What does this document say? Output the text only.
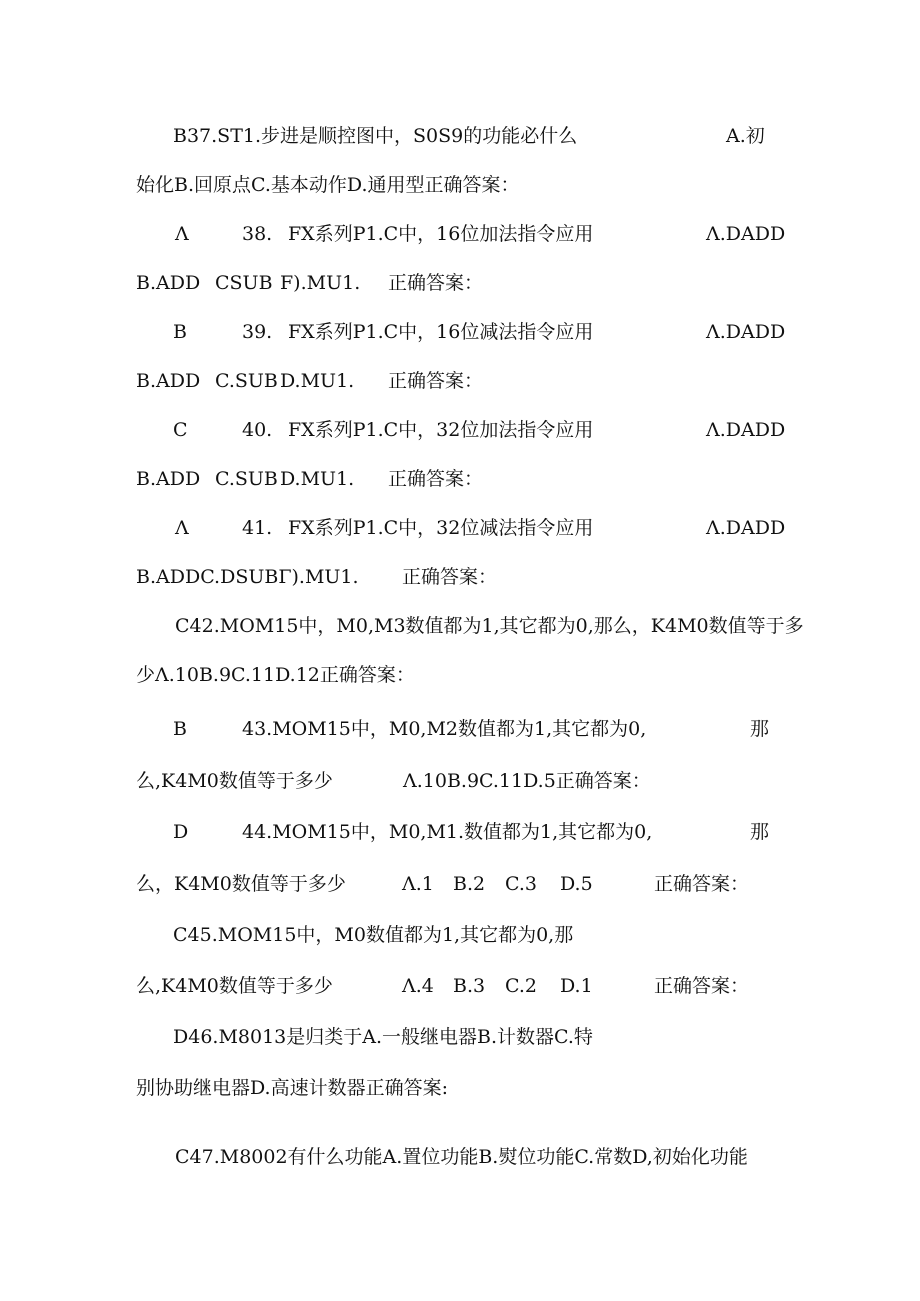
B37.ST1.步进是顺控图中，S0S9的功能必什么	A.初
始化B.回原点C.基本动作D.通用型正确答案：
Λ	38. FX系列P1.C中，16位加法指令应用	Λ.DADD
B.ADD CSUB F).MU1. 正确答案：
B	39. FX系列P1.C中，16位减法指令应用	Λ.DADD
B.ADD C.SUB D.MU1. 正确答案：
C	40. FX系列P1.C中，32位加法指令应用	Λ.DADD
B.ADD C.SUB D.MU1. 正确答案：
Λ	41. FX系列P1.C中，32位减法指令应用	Λ.DADD
B.ADDC.DSUBΓ).MU1. 正确答案：
C42.MOM15中，M0,M3数值都为1,其它都为0,那么，K4M0数值等于多
少Λ.10B.9C.11D.12正确答案：
B	43.MOM15中，M0,M2数值都为1,其它都为0,	那
么,K4M0数值等于多少	Λ.10B.9C.11D.5正确答案：
D	44.MOM15中，M0,M1.数值都为1,其它都为0,	那
么，K4M0数值等于多少	Λ.1 B.2 C.3 D.5	正确答案：
C45.MOM15中，M0数值都为1,其它都为0,那
么,K4M0数值等于多少	Λ.4 B.3 C.2 D.1	正确答案：
D46.M8013是归类于A.一般继电器B.计数器C.特
别协助继电器D.高速计数器正确答案:
C47.M8002有什么功能A.置位功能B.熨位功能C.常数D,初始化功能
